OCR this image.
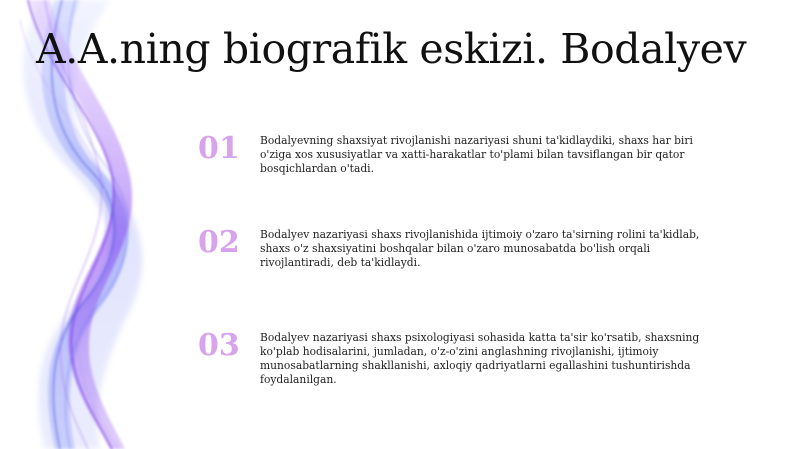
A.A.ning biografik eskizi. Bodalyev
01 Bodalyevning shaxsiyat rivojlanishi nazariyasi shuni ta'kidlaydiki, shaxs har biri o'ziga xos xususiyatlar va xatti-harakatlar to'plami bilan tavsiflangan bir qator bosqichlardan o'tadi.

02 Bodalyev nazariyasi shaxs rivojlanishida ijtimoiy o'zaro ta'sirning rolini ta'kidlab, shaxs o'z shaxsiyatini boshqalar bilan o'zaro munosabatda bo'lish orqali rivojlantiradi, deb ta'kidlaydi.

03 Bodalyev nazariyasi shaxs psixologiyasi sohasida katta ta'sir ko'rsatib, shaxsning ko'plab hodisalarini, jumladan, o'z-o'zini anglashning rivojlanishi, ijtimoiy munosabatlarning shakllanishi, axloqiy qadriyatlarni egallashini tushuntirishda foydalanilgan.
